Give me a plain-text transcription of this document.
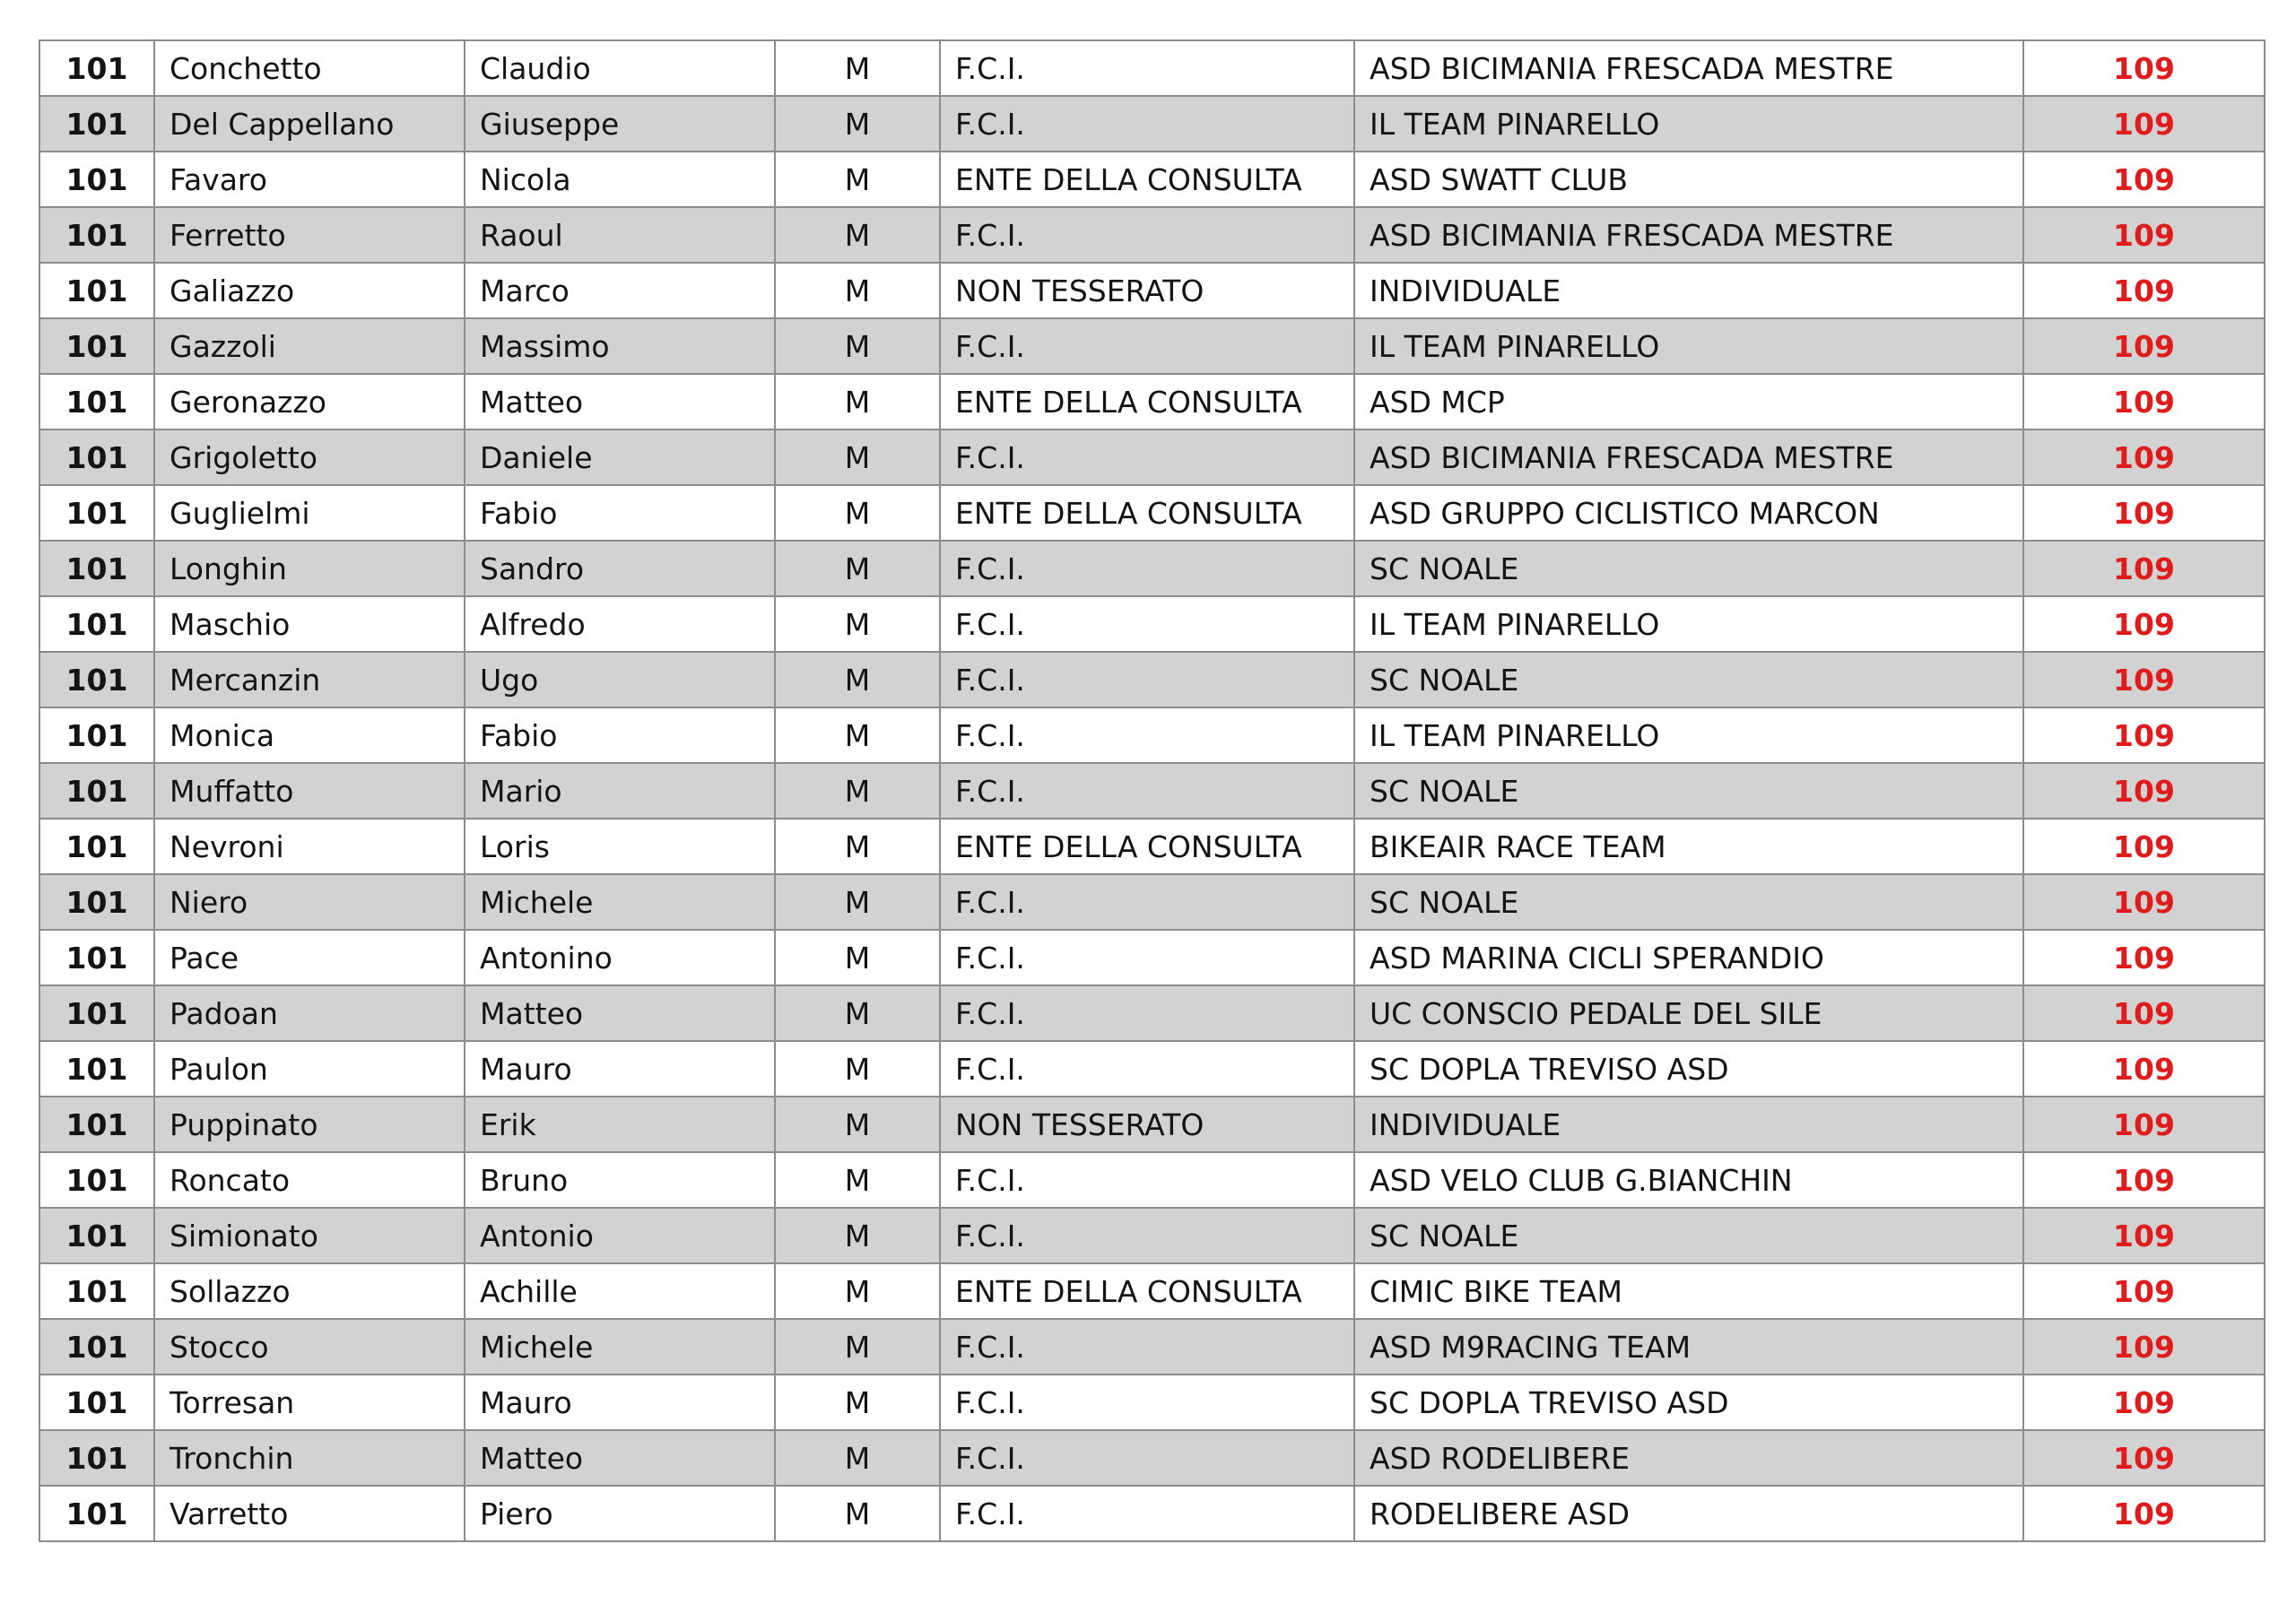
101	Conchetto	Claudio	M	F.C.I.	ASD BICIMANIA FRESCADA MESTRE	109
101	Del Cappellano	Giuseppe	M	F.C.I.	IL TEAM PINARELLO	109
101	Favaro	Nicola	M	ENTE DELLA CONSULTA	ASD SWATT CLUB	109
101	Ferretto	Raoul	M	F.C.I.	ASD BICIMANIA FRESCADA MESTRE	109
101	Galiazzo	Marco	M	NON TESSERATO	INDIVIDUALE	109
101	Gazzoli	Massimo	M	F.C.I.	IL TEAM PINARELLO	109
101	Geronazzo	Matteo	M	ENTE DELLA CONSULTA	ASD MCP	109
101	Grigoletto	Daniele	M	F.C.I.	ASD BICIMANIA FRESCADA MESTRE	109
101	Guglielmi	Fabio	M	ENTE DELLA CONSULTA	ASD GRUPPO CICLISTICO MARCON	109
101	Longhin	Sandro	M	F.C.I.	SC NOALE	109
101	Maschio	Alfredo	M	F.C.I.	IL TEAM PINARELLO	109
101	Mercanzin	Ugo	M	F.C.I.	SC NOALE	109
101	Monica	Fabio	M	F.C.I.	IL TEAM PINARELLO	109
101	Muffatto	Mario	M	F.C.I.	SC NOALE	109
101	Nevroni	Loris	M	ENTE DELLA CONSULTA	BIKEAIR RACE TEAM	109
101	Niero	Michele	M	F.C.I.	SC NOALE	109
101	Pace	Antonino	M	F.C.I.	ASD MARINA CICLI SPERANDIO	109
101	Padoan	Matteo	M	F.C.I.	UC CONSCIO PEDALE DEL SILE	109
101	Paulon	Mauro	M	F.C.I.	SC DOPLA TREVISO ASD	109
101	Puppinato	Erik	M	NON TESSERATO	INDIVIDUALE	109
101	Roncato	Bruno	M	F.C.I.	ASD VELO CLUB G.BIANCHIN	109
101	Simionato	Antonio	M	F.C.I.	SC NOALE	109
101	Sollazzo	Achille	M	ENTE DELLA CONSULTA	CIMIC BIKE TEAM	109
101	Stocco	Michele	M	F.C.I.	ASD M9RACING TEAM	109
101	Torresan	Mauro	M	F.C.I.	SC DOPLA TREVISO ASD	109
101	Tronchin	Matteo	M	F.C.I.	ASD RODELIBERE	109
101	Varretto	Piero	M	F.C.I.	RODELIBERE ASD	109
